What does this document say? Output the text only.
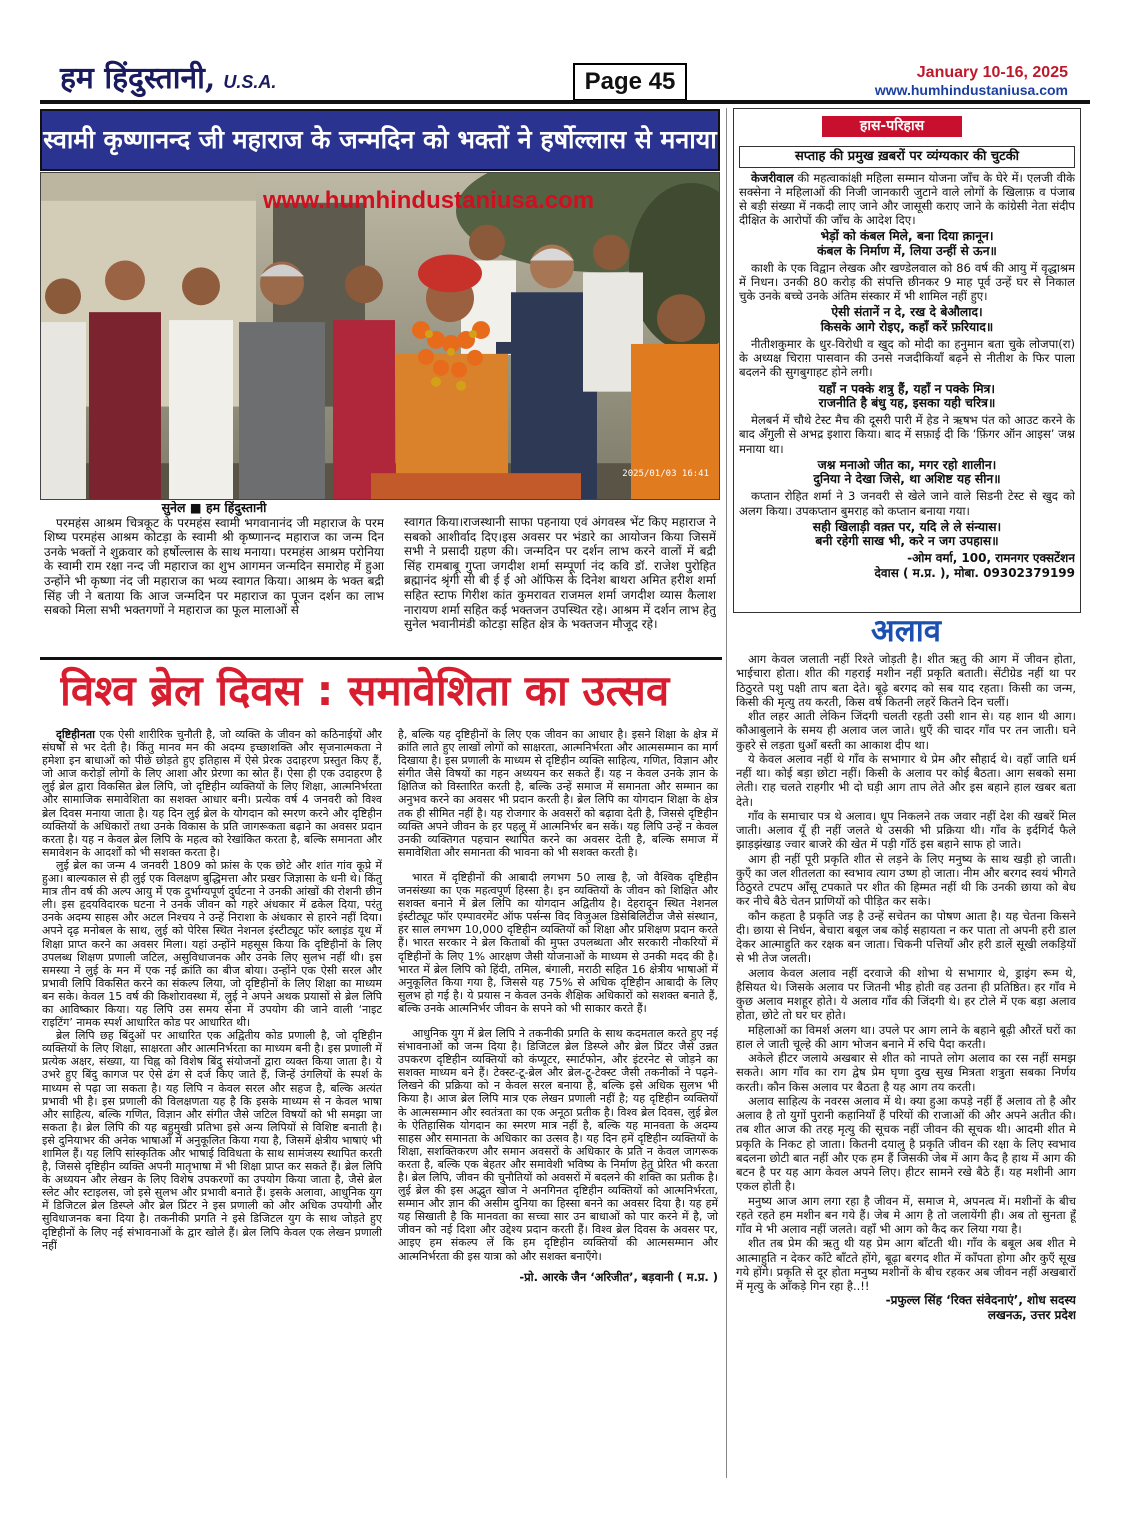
हम हिंदुस्तानी, U.S.A.	Page 45	January 10-16, 2025
www.humhindustaniusa.com
स्वामी कृष्णानन्द जी महाराज के जन्मदिन को भक्तों ने हर्षोल्लास से मनाया
www.humhindustaniusa.com
2025/01/03 16:41
सुनेल ■ हम हिंदुस्तानी

परमहंस आश्रम चित्रकूट के परमहंस स्वामी भगवानानंद जी महाराज के परम शिष्य परमहंस आश्रम कोटड़ा के स्वामी श्री कृष्णानन्द महाराज का जन्म दिन उनके भक्तों ने शुक्रवार को हर्षोल्लास के साथ मनाया। परमहंस आश्रम परोनिया के स्वामी राम रक्षा नन्द जी महाराज का शुभ आगमन जन्मदिन समारोह में हुआ उन्होंने भी कृष्णा नंद जी महाराज का भव्य स्वागत किया। आश्रम के भक्त बद्री सिंह जी ने बताया कि आज जन्मदिन पर महाराज का पूजन दर्शन का लाभ सबको मिला सभी भक्तगणों ने महाराज का फूल मालाओं से

स्वागत किया।राजस्थानी साफा पहनाया एवं अंगवस्त्र भेंट किए महाराज ने सबको आशीर्वाद दिए।इस अवसर पर भंडारे का आयोजन किया जिसमें सभी ने प्रसादी ग्रहण की। जन्मदिन पर दर्शन लाभ करने वालों में बद्री सिंह रामबाबू गुप्ता जगदीश शर्मा सम्पूर्णा नंद कवि डॉ. राजेश पुरोहित ब्रह्मानंद श्रृंगी सी बी ई ई ओ ऑफिस के दिनेश बाथरा अमित हरीश शर्मा सहित स्टाफ गिरीश कांत कुमरावत राजमल शर्मा जगदीश व्यास कैलाश नारायण शर्मा सहित कई भक्तजन उपस्थित रहे। आश्रम में दर्शन लाभ हेतु सुनेल भवानीमंडी कोटड़ा सहित क्षेत्र के भक्तजन मौजूद रहे।

विश्व ब्रेल दिवस : समावेशिता का उत्सव

दृष्टिहीनता एक ऐसी शारीरिक चुनौती है, जो व्यक्ति के जीवन को कठिनाईयों और संघर्षों से भर देती है। किंतु मानव मन की अदम्य इच्छाशक्ति और सृजनात्मकता ने हमेशा इन बाधाओं को पीछे छोड़ते हुए इतिहास में ऐसे प्रेरक उदाहरण प्रस्तुत किए हैं, जो आज करोड़ों लोगों के लिए आशा और प्रेरणा का स्रोत हैं। ऐसा ही एक उदाहरण है लुई ब्रेल द्वारा विकसित ब्रेल लिपि, जो दृष्टिहीन व्यक्तियों के लिए शिक्षा, आत्मनिर्भरता और सामाजिक समावेशिता का सशक्त आधार बनी। प्रत्येक वर्ष 4 जनवरी को विश्व ब्रेल दिवस मनाया जाता है। यह दिन लुई ब्रेल के योगदान को स्मरण करने और दृष्टिहीन व्यक्तियों के अधिकारों तथा उनके विकास के प्रति जागरूकता बढ़ाने का अवसर प्रदान करता है। यह न केवल ब्रेल लिपि के महत्व को रेखांकित करता है, बल्कि समानता और समावेशन के आदर्शों को भी सशक्त करता है।

लुई ब्रेल का जन्म 4 जनवरी 1809 को फ्रांस के एक छोटे और शांत गांव कूप्रे में हुआ। बाल्यकाल से ही लुई एक विलक्षण बुद्धिमत्ता और प्रखर जिज्ञासा के धनी थे। किंतु मात्र तीन वर्ष की अल्प आयु में एक दुर्भाग्यपूर्ण दुर्घटना ने उनकी आंखों की रोशनी छीन ली। इस हृदयविदारक घटना ने उनके जीवन को गहरे अंधकार में ढकेल दिया, परंतु उनके अदम्य साहस और अटल निश्चय ने उन्हें निराशा के अंधकार से हारने नहीं दिया। अपने दृढ़ मनोबल के साथ, लुई को पेरिस स्थित नेशनल इंस्टीट्यूट फॉर ब्लाइंड यूथ में शिक्षा प्राप्त करने का अवसर मिला। यहां उन्होंने महसूस किया कि दृष्टिहीनों के लिए उपलब्ध शिक्षण प्रणाली जटिल, असुविधाजनक और उनके लिए सुलभ नहीं थी। इस समस्या ने लुई के मन में एक नई क्रांति का बीज बोया। उन्होंने एक ऐसी सरल और प्रभावी लिपि विकसित करने का संकल्प लिया, जो दृष्टिहीनों के लिए शिक्षा का माध्यम बन सके। केवल 15 वर्ष की किशोरावस्था में, लुई ने अपने अथक प्रयासों से ब्रेल लिपि का आविष्कार किया। यह लिपि उस समय सेना में उपयोग की जाने वाली ‘नाइट राइटिंग’ नामक स्पर्श आधारित कोड पर आधारित थी।

ब्रेल लिपि छह बिंदुओं पर आधारित एक अद्वितीय कोड प्रणाली है, जो दृष्टिहीन व्यक्तियों के लिए शिक्षा, साक्षरता और आत्मनिर्भरता का माध्यम बनी है। इस प्रणाली में प्रत्येक अक्षर, संख्या, या चिह्न को विशेष बिंदु संयोजनों द्वारा व्यक्त किया जाता है। ये उभरे हुए बिंदु कागज पर ऐसे ढंग से दर्ज किए जाते हैं, जिन्हें उंगलियों के स्पर्श के माध्यम से पढ़ा जा सकता है। यह लिपि न केवल सरल और सहज है, बल्कि अत्यंत प्रभावी भी है। इस प्रणाली की विलक्षणता यह है कि इसके माध्यम से न केवल भाषा और साहित्य, बल्कि गणित, विज्ञान और संगीत जैसे जटिल विषयों को भी समझा जा सकता है। ब्रेल लिपि की यह बहुमुखी प्रतिभा इसे अन्य लिपियों से विशिष्ट बनाती है। इसे दुनियाभर की अनेक भाषाओं में अनुकूलित किया गया है, जिसमें क्षेत्रीय भाषाएं भी शामिल हैं। यह लिपि सांस्कृतिक और भाषाई विविधता के साथ सामंजस्य स्थापित करती है, जिससे दृष्टिहीन व्यक्ति अपनी मातृभाषा में भी शिक्षा प्राप्त कर सकते हैं। ब्रेल लिपि के अध्ययन और लेखन के लिए विशेष उपकरणों का उपयोग किया जाता है, जैसे ब्रेल स्लेट और स्टाइलस, जो इसे सुलभ और प्रभावी बनाते हैं। इसके अलावा, आधुनिक युग में डिजिटल ब्रेल डिस्प्ले और ब्रेल प्रिंटर ने इस प्रणाली को और अधिक उपयोगी और सुविधाजनक बना दिया है। तकनीकी प्रगति ने इसे डिजिटल युग के साथ जोड़ते हुए दृष्टिहीनों के लिए नई संभावनाओं के द्वार खोले हैं। ब्रेल लिपि केवल एक लेखन प्रणाली नहीं

है, बल्कि यह दृष्टिहीनों के लिए एक जीवन का आधार है। इसने शिक्षा के क्षेत्र में क्रांति लाते हुए लाखों लोगों को साक्षरता, आत्मनिर्भरता और आत्मसम्मान का मार्ग दिखाया है। इस प्रणाली के माध्यम से दृष्टिहीन व्यक्ति साहित्य, गणित, विज्ञान और संगीत जैसे विषयों का गहन अध्ययन कर सकते हैं। यह न केवल उनके ज्ञान के क्षितिज को विस्तारित करती है, बल्कि उन्हें समाज में समानता और सम्मान का अनुभव करने का अवसर भी प्रदान करती है। ब्रेल लिपि का योगदान शिक्षा के क्षेत्र तक ही सीमित नहीं है। यह रोजगार के अवसरों को बढ़ावा देती है, जिससे दृष्टिहीन व्यक्ति अपने जीवन के हर पहलू में आत्मनिर्भर बन सकें। यह लिपि उन्हें न केवल उनकी व्यक्तिगत पहचान स्थापित करने का अवसर देती है, बल्कि समाज में समावेशिता और समानता की भावना को भी सशक्त करती है।

भारत में दृष्टिहीनों की आबादी लगभग 50 लाख है, जो वैश्विक दृष्टिहीन जनसंख्या का एक महत्वपूर्ण हिस्सा है। इन व्यक्तियों के जीवन को शिक्षित और सशक्त बनाने में ब्रेल लिपि का योगदान अद्वितीय है। देहरादून स्थित नेशनल इंस्टीट्यूट फॉर एम्पावरमेंट ऑफ पर्सन्स विद विजुअल डिसेबिलिटीज जैसे संस्थान, हर साल लगभग 10,000 दृष्टिहीन व्यक्तियों को शिक्षा और प्रशिक्षण प्रदान करते हैं। भारत सरकार ने ब्रेल किताबों की मुफ्त उपलब्धता और सरकारी नौकरियों में दृष्टिहीनों के लिए 1% आरक्षण जैसी योजनाओं के माध्यम से उनकी मदद की है। भारत में ब्रेल लिपि को हिंदी, तमिल, बंगाली, मराठी सहित 16 क्षेत्रीय भाषाओं में अनुकूलित किया गया है, जिससे यह 75% से अधिक दृष्टिहीन आबादी के लिए सुलभ हो गई है। ये प्रयास न केवल उनके शैक्षिक अधिकारों को सशक्त बनाते हैं, बल्कि उनके आत्मनिर्भर जीवन के सपने को भी साकार करते हैं।

आधुनिक युग में ब्रेल लिपि ने तकनीकी प्रगति के साथ कदमताल करते हुए नई संभावनाओं को जन्म दिया है। डिजिटल ब्रेल डिस्प्ले और ब्रेल प्रिंटर जैसे उन्नत उपकरण दृष्टिहीन व्यक्तियों को कंप्यूटर, स्मार्टफोन, और इंटरनेट से जोड़ने का सशक्त माध्यम बने हैं। टेक्स्ट-टू-ब्रेल और ब्रेल-टू-टेक्स्ट जैसी तकनीकों ने पढ़ने-लिखने की प्रक्रिया को न केवल सरल बनाया है, बल्कि इसे अधिक सुलभ भी किया है। आज ब्रेल लिपि मात्र एक लेखन प्रणाली नहीं है; यह दृष्टिहीन व्यक्तियों के आत्मसम्मान और स्वतंत्रता का एक अनूठा प्रतीक है। विश्व ब्रेल दिवस, लुई ब्रेल के ऐतिहासिक योगदान का स्मरण मात्र नहीं है, बल्कि यह मानवता के अदम्य साहस और समानता के अधिकार का उत्सव है। यह दिन हमें दृष्टिहीन व्यक्तियों के शिक्षा, सशक्तिकरण और समान अवसरों के अधिकार के प्रति न केवल जागरूक करता है, बल्कि एक बेहतर और समावेशी भविष्य के निर्माण हेतु प्रेरित भी करता है। ब्रेल लिपि, जीवन की चुनौतियों को अवसरों में बदलने की शक्ति का प्रतीक है। लुई ब्रेल की इस अद्भुत खोज ने अनगिनत दृष्टिहीन व्यक्तियों को आत्मनिर्भरता, सम्मान और ज्ञान की असीम दुनिया का हिस्सा बनने का अवसर दिया है। यह हमें यह सिखाती है कि मानवता का सच्चा सार उन बाधाओं को पार करने में है, जो जीवन को नई दिशा और उद्देश्य प्रदान करती हैं। विश्व ब्रेल दिवस के अवसर पर, आइए हम संकल्प लें कि हम दृष्टिहीन व्यक्तियों की आत्मसम्मान और आत्मनिर्भरता की इस यात्रा को और सशक्त बनाएँगे।

-प्रो. आरके जैन ‘अरिजीत’, बड़वानी ( म.प्र. )
हास-परिहास
सप्ताह की प्रमुख ख़बरों पर व्यंग्यकार की चुटकी

केजरीवाल की महत्वाकांक्षी महिला सम्मान योजना जाँच के घेरे में। एलजी वीके सक्सेना ने महिलाओं की निजी जानकारी जुटाने वाले लोगों के खिलाफ़ व पंजाब से बड़ी संख्या में नकदी लाए जाने और जासूसी कराए जाने के कांग्रेसी नेता संदीप दीक्षित के आरोपों की जाँच के आदेश दिए।

भेड़ों को कंबल मिले, बना दिया क़ानून।
कंबल के निर्माण में, लिया उन्हीं से ऊन॥

काशी के एक विद्वान लेखक और खण्डेलवाल को 86 वर्ष की आयु में वृद्धाश्रम में निधन। उनकी 80 करोड़ की संपत्ति छीनकर 9 माह पूर्व उन्हें घर से निकाल चुके उनके बच्चे उनके अंतिम संस्कार में भी शामिल नहीं हुए।

ऐसी संतानें न दे, रख दे बेऔलाद।
किसके आगे रोइए, कहाँ करें फ़रियाद॥

नीतीशकुमार के धुर-विरोधी व खुद को मोदी का हनुमान बता चुके लोजपा(रा) के अध्यक्ष चिराग़ पासवान की उनसे नजदीकियाँ बढ़ने से नीतीश के फिर पाला बदलने की सुगबुगाहट होने लगी।

यहाँ न पक्के शत्रु हैं, यहाँ न पक्के मित्र।
राजनीति है बंधु यह, इसका यही चरित्र॥

मेलबर्न में चौथे टेस्ट मैच की दूसरी पारी में हेड ने ऋषभ पंत को आउट करने के बाद अँगुली से अभद्र इशारा किया। बाद में सफ़ाई दी कि ‘फ़िंगर ऑन आइस’ जश्न मनाया था।

जश्न मनाओ जीत का, मगर रहो शालीन।
दुनिया ने देखा जिसे, था अशिष्ट यह सीन॥

कप्तान रोहित शर्मा ने 3 जनवरी से खेले जाने वाले सिडनी टेस्ट से खुद को अलग किया। उपकप्तान बुमराह को कप्तान बनाया गया।

सही खिलाड़ी वक़्त पर, यदि ले ले संन्यास।
बनी रहेगी साख भी, करे न जग उपहास॥
-ओम वर्मा, 100, रामनगर एक्सटेंशन
देवास ( म.प्र. ), मोबा. 09302379199
अलाव

आग केवल जलाती नहीं रिश्ते जोड़ती है। शीत ऋतु की आग में जीवन होता, भाईचारा होता। शीत की गहराई मशीन नहीं प्रकृति बताती। सेंटीग्रेड नहीं था पर ठिठुरते पशु पक्षी ताप बता देते। बूढ़े बरगद को सब याद रहता। किसी का जन्म, किसी की मृत्यु तय करती, किस वर्ष कितनी लहरें कितने दिन चलीं।

शीत लहर आती लेकिन जिंदगी चलती रहती उसी शान से। यह शान थी आग। कौआबुलाने के समय ही अलाव जल जाते। धुएँ की चादर गाँव पर तन जाती। घने कुहरे से लड़ता धुआँ बस्ती का आकाश दीप था।

ये केवल अलाव नहीं थे गाँव के सभागार थे प्रेम और सौहार्द थे। वहाँ जाति धर्म नहीं था। कोई बड़ा छोटा नहीं। किसी के अलाव पर कोई बैठता। आग सबको समा लेती। राह चलते राहगीर भी दो घड़ी आग ताप लेते और इस बहाने हाल खबर बता देते।

गाँव के समाचार पत्र थे अलाव। धूप निकलने तक जवार नहीं देश की खबरें मिल जाती। अलाव यूँ ही नहीं जलते थे उसकी भी प्रक्रिया थी। गाँव के इर्दगिर्द फैले झाड़झंखाड़ ज्वार बाजरे की खेत में पड़ी गाँठें इस बहाने साफ हो जाते।

आग ही नहीं पूरी प्रकृति शीत से लड़ने के लिए मनुष्य के साथ खड़ी हो जाती। कुएँ का जल शीतलता का स्वभाव त्याग उष्ण हो जाता। नीम और बरगद स्वयं भीगते ठिठुरते टपटप आँसू टपकाते पर शीत की हिम्मत नहीं थी कि उनकी छाया को बेध कर नीचे बैठे चेतन प्राणियों को पीड़ित कर सके।

कौन कहता है प्रकृति जड़ है उन्हें सचेतन का पोषण आता है। यह चेतना किसने दी। छाया से निर्धन, बेचारा बबूल जब कोई सहायता न कर पाता तो अपनी हरी डाल देकर आत्माहुति कर रक्षक बन जाता। चिकनी पत्तियाँ और हरी डालें सूखी लकड़ियों से भी तेज जलती।

अलाव केवल अलाव नहीं दरवाजे की शोभा थे सभागार थे, ड्राइंग रूम थे, हैसियत थे। जिसके अलाव पर जितनी भीड़ होती वह उतना ही प्रतिष्ठित। हर गाँव मे कुछ अलाव मशहूर होते। ये अलाव गाँव की जिंदगी थे। हर टोले में एक बड़ा अलाव होता, छोटे तो घर घर होते।

महिलाओं का विमर्श अलग था। उपले पर आग लाने के बहाने बूढ़ी औरतें घरों का हाल ले जाती चूल्हे की आग भोजन बनाने में रुचि पैदा करती।

अकेले हीटर जलाये अखबार से शीत को नापते लोग अलाव का रस नहीं समझ सकते। आग गाँव का राग द्वेष प्रेम घृणा दुख सुख मित्रता शत्रुता सबका निर्णय करती। कौन किस अलाव पर बैठता है यह आग तय करती।

अलाव साहित्य के नवरस अलाव में थे। क्या हुआ कपड़े नहीं हैं अलाव तो है और अलाव है तो युगों पुरानी कहानियाँ हैं परियों की राजाओं की और अपने अतीत की। तब शीत आज की तरह मृत्यु की सूचक नहीं जीवन की सूचक थी। आदमी शीत मे प्रकृति के निकट हो जाता। कितनी दयालु है प्रकृति जीवन की रक्षा के लिए स्वभाव बदलना छोटी बात नहीं और एक हम हैं जिसकी जेब में आग कैद है हाथ में आग की बटन है पर यह आग केवल अपने लिए। हीटर सामने रखे बैठे हैं। यह मशीनी आग एकल होती है।

मनुष्य आज आग लगा रहा है जीवन में, समाज मे, अपनत्व में। मशीनों के बीच रहते रहते हम मशीन बन गये हैं। जेब मे आग है तो जलायेंगी ही। अब तो सुनता हूँ गाँव मे भी अलाव नहीं जलते। वहाँ भी आग को कैद कर लिया गया है।

शीत तब प्रेम की ऋतु थी यह प्रेम आग बाँटती थी। गाँव के बबूल अब शीत मे आत्माहुति न देकर काँटे बाँटते होंगे, बूढ़ा बरगद शीत में काँपता होगा और कुएँ सूख गये होंगे। प्रकृति से दूर होता मनुष्य मशीनों के बीच रहकर अब जीवन नहीं अखबारों में मृत्यु के आँकड़े गिन रहा है..!!

-प्रफुल्ल सिंह ‘रिक्त संवेदनाएं’, शोध सदस्य
लखनऊ, उत्तर प्रदेश
